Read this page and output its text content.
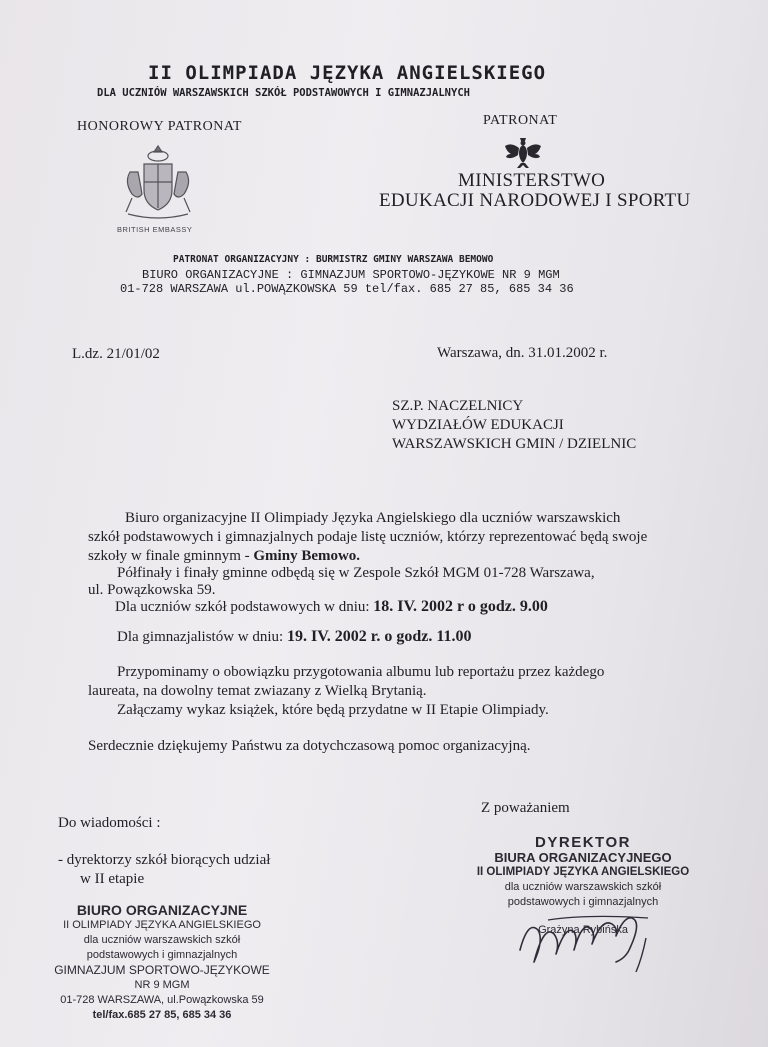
II OLIMPIADA JĘZYKA ANGIELSKIEGO
DLA UCZNIÓW WARSZAWSKICH SZKÓŁ PODSTAWOWYCH I GIMNAZJALNYCH
HONOROWY PATRONAT
BRITISH EMBASSY
PATRONAT
MINISTERSTWO
EDUKACJI NARODOWEJ I SPORTU
PATRONAT ORGANIZACYJNY : BURMISTRZ GMINY WARSZAWA BEMOWO
BIURO ORGANIZACYJNE : GIMNAZJUM SPORTOWO-JĘZYKOWE NR 9 MGM
01-728 WARSZAWA ul.POWĄZKOWSKA 59 tel/fax. 685 27 85, 685 34 36
L.dz. 21/01/02	Warszawa, dn. 31.01.2002 r.
SZ.P. NACZELNICY
WYDZIAŁÓW EDUKACJI
WARSZAWSKICH GMIN / DZIELNIC
Biuro organizacyjne II Olimpiady Języka Angielskiego dla uczniów warszawskich
szkół podstawowych i gimnazjalnych podaje listę uczniów, którzy reprezentować będą swoje
szkoły w finale gminnym - Gminy Bemowo.
Półfinały i finały gminne odbędą się w Zespole Szkół MGM 01-728 Warszawa,
ul. Powązkowska 59.
Dla uczniów szkół podstawowych w dniu: 18. IV. 2002 r o godz. 9.00
Dla gimnazjalistów w dniu: 19. IV. 2002 r. o godz. 11.00
Przypominamy o obowiązku przygotowania albumu lub reportażu przez każdego
laureata, na dowolny temat zwiazany z Wielką Brytanią.
Załączamy wykaz książek, które będą przydatne w II Etapie Olimpiady.
Serdecznie dziękujemy Państwu za dotychczasową pomoc organizacyjną.
Z poważaniem
Do wiadomości :
- dyrektorzy szkół biorących udział
w II etapie
BIURO ORGANIZACYJNE
II OLIMPIADY JĘZYKA ANGIELSKIEGO
dla uczniów warszawskich szkół
podstawowych i gimnazjalnych
GIMNAZJUM SPORTOWO-JĘZYKOWE
NR 9 MGM
01-728 WARSZAWA, ul.Powązkowska 59
tel/fax.685 27 85, 685 34 36
DYREKTOR
BIURA ORGANIZACYJNEGO
II OLIMPIADY JĘZYKA ANGIELSKIEGO
dla uczniów warszawskich szkół
podstawowych i gimnazjalnych
Grażyna Rybińska
